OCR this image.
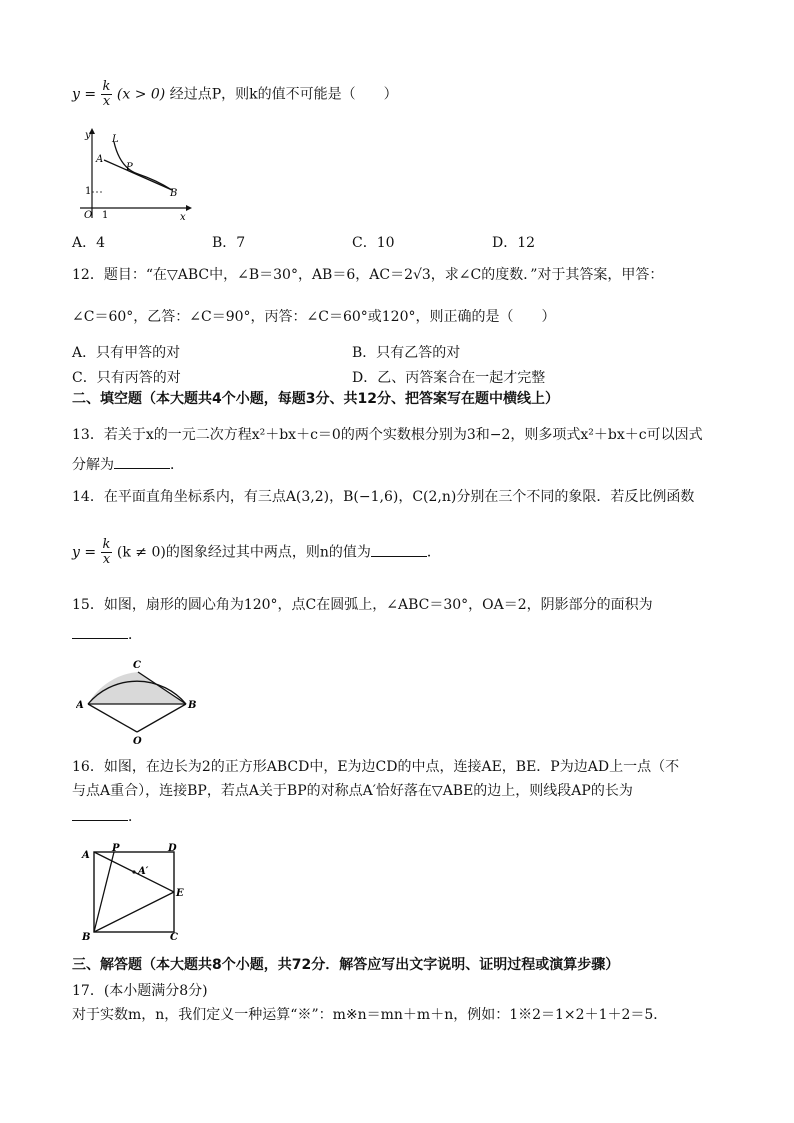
$y = \frac{k}{x} (x > 0)$ 经过点P，则k的值不可能是（　　）
y
x
L
A
P
B
1
1
O
A．4	B．7	C．10	D．12
12．题目：“在▽ABC中，∠B＝30°，AB＝6，AC＝2√3，求∠C的度数．”对于其答案，甲答：
∠C＝60°，乙答：∠C＝90°，丙答：∠C＝60°或120°，则正确的是（　　）
A．只有甲答的对	B．只有乙答的对
C．只有丙答的对	D．乙、丙答案合在一起才完整
二、填空题（本大题共4个小题，每题3分、共12分、把答案写在题中横线上）
13．若关于x的一元二次方程x²＋bx＋c＝0的两个实数根分别为3和−2，则多项式x²＋bx＋c可以因式
分解为	．
14．在平面直角坐标系内，有三点A(3,2)，B(−1,6)，C(2,n)分别在三个不同的象限．若反比例函数
$y = \frac{k}{x} (k \ne 0)$的图象经过其中两点，则n的值为	．
15．如图，扇形的圆心角为120°，点C在圆弧上，∠ABC＝30°，OA＝2，阴影部分的面积为
．
A	B
C
O
16．如图，在边长为2的正方形ABCD中，E为边CD的中点，连接AE，BE．P为边AD上一点（不
与点A重合），连接BP，若点A关于BP的对称点A′恰好落在▽ABE的边上，则线段AP的长为
．
A
P	D
A′
E
B	C
三、解答题（本大题共8个小题，共72分．解答应写出文字说明、证明过程或演算步骤）
17．(本小题满分8分)
对于实数m，n，我们定义一种运算“※”：m※n＝mn＋m＋n，例如：1※2＝1×2＋1＋2＝5．
